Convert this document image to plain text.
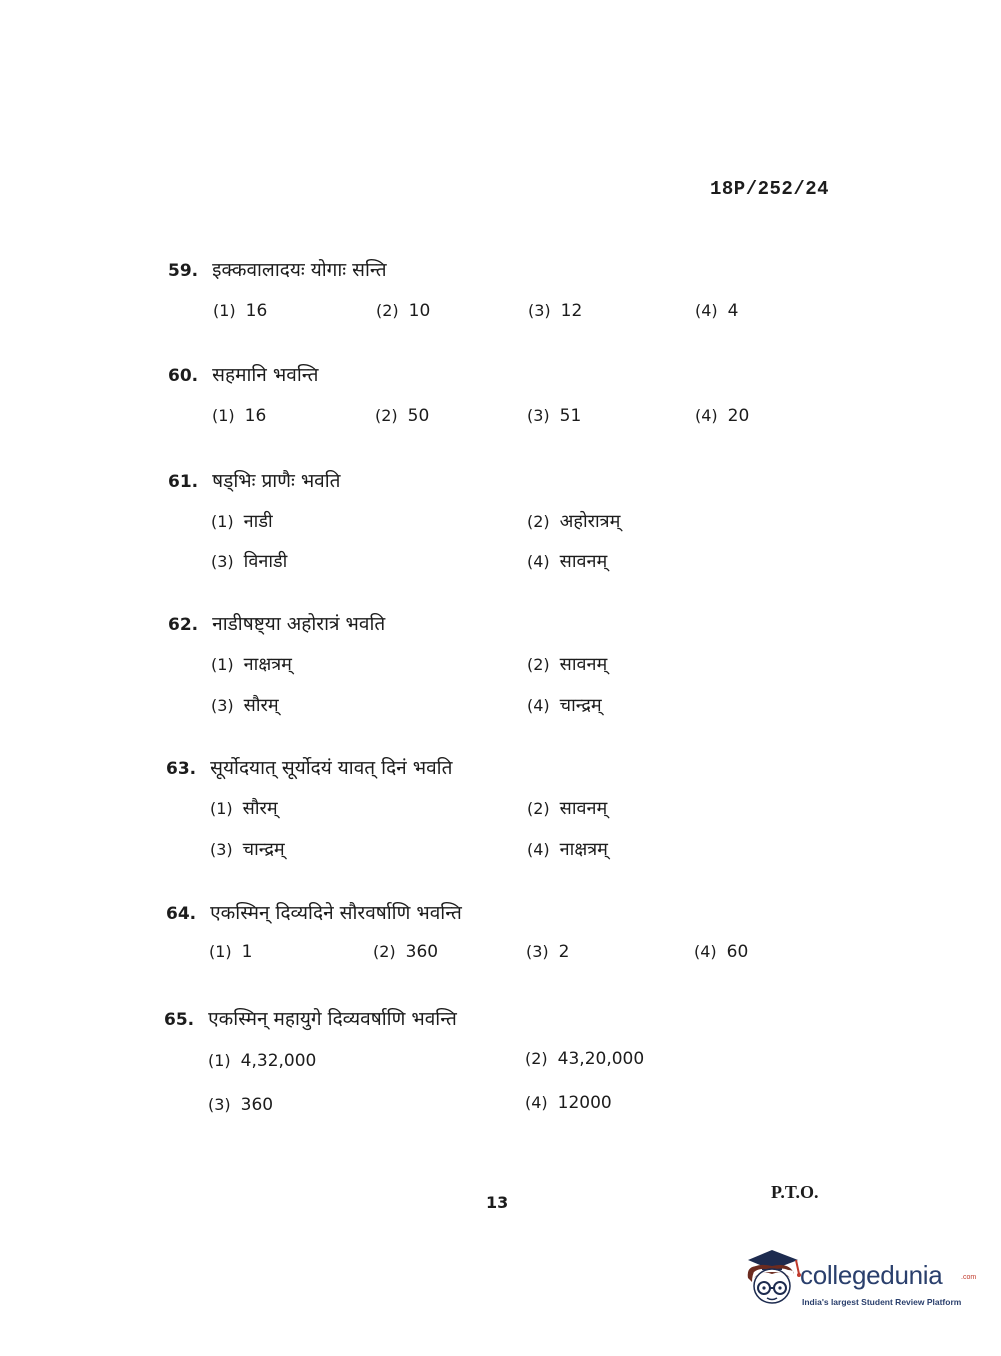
18P/252/24
59. इक्कवालादयः योगाः सन्ति
(1) 16	(2) 10	(3) 12	(4) 4
60. सहमानि भवन्ति
(1) 16	(2) 50	(3) 51	(4) 20
61. षड्भिः प्राणैः भवति
(1) नाडी	(2) अहोरात्रम्
(3) विनाडी	(4) सावनम्
62. नाडीषष्ट्या अहोरात्रं भवति
(1) नाक्षत्रम्	(2) सावनम्
(3) सौरम्	(4) चान्द्रम्
63. सूर्योदयात् सूर्योदयं यावत् दिनं भवति
(1) सौरम्	(2) सावनम्
(3) चान्द्रम्	(4) नाक्षत्रम्
64. एकस्मिन् दिव्यदिने सौरवर्षाणि भवन्ति
(1) 1	(2) 360	(3) 2	(4) 60
65. एकस्मिन् महायुगे दिव्यवर्षाणि भवन्ति
(1) 4,32,000	(2) 43,20,000
(3) 360	(4) 12000
13
P.T.O.
collegedunia	.com
India's largest Student Review Platform
